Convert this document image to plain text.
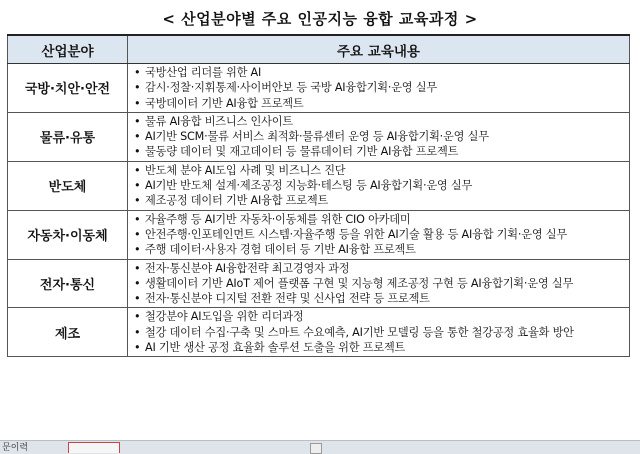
< 산업분야별 주요 인공지능 융합 교육과정 >
산업분야	주요 교육내용
국방·치안·안전	• 국방산업 리더를 위한 AI
• 감시·정찰·지휘통제·사이버안보 등 국방 AI융합기획·운영 실무
• 국방데이터 기반 AI융합 프로젝트

물류·유통	• 물류 AI융합 비즈니스 인사이트
• AI기반 SCM·물류 서비스 최적화·물류센터 운영 등 AI융합기획·운영 실무
• 물동량 데이터 및 재고데이터 등 물류데이터 기반 AI융합 프로젝트

반도체	• 반도체 분야 AI도입 사례 및 비즈니스 진단
• AI기반 반도체 설계·제조공정 지능화·테스팅 등 AI융합기획·운영 실무
• 제조공정 데이터 기반 AI융합 프로젝트

자동차·이동체	• 자율주행 등 AI기반 자동차·이동체를 위한 CIO 아카데미
• 안전주행·인포테인먼트 시스템·자율주행 등을 위한 AI기술 활용 등 AI융합 기획·운영 실무
• 주행 데이터·사용자 경험 데이터 등 기반 AI융합 프로젝트

전자·통신	• 전자·통신분야 AI융합전략 최고경영자 과정
• 생활데이터 기반 AIoT 제어 플랫폼 구현 및 지능형 제조공정 구현 등 AI융합기획·운영 실무
• 전자·통신분야 디지털 전환 전략 및 신사업 전략 등 프로젝트

제조	• 철강분야 AI도입을 위한 리더과정
• 철강 데이터 수집·구축 및 스마트 수요예측, AI기반 모델링 등을 통한 철강공정 효율화 방안
• AI 기반 생산 공정 효율화 솔루션 도출을 위한 프로젝트
문이력
